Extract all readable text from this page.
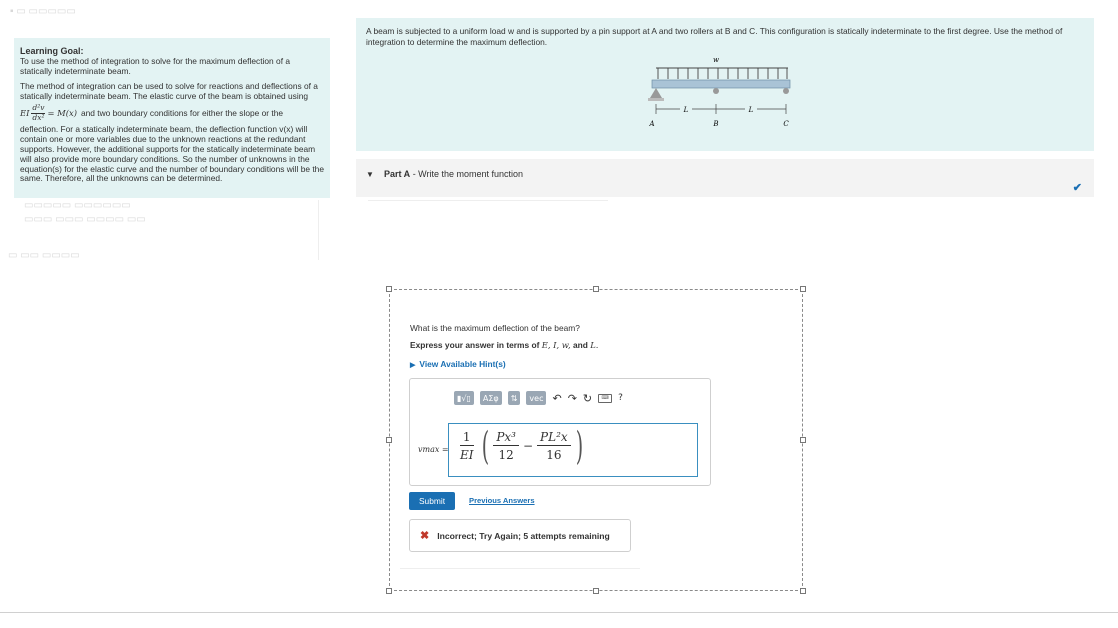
▪ ▭ ▭▭▭▭▭
▭▭▭▭▭ ▭▭▭▭▭▭
▭▭▭ ▭▭▭ ▭▭▭▭ ▭▭
▭ ▭▭ ▭▭▭▭
Learning Goal:
To use the method of integration to solve for the maximum deflection of a statically indeterminate beam.
The method of integration can be used to solve for reactions and deflections of a statically indeterminate beam. The elastic curve of the beam is obtained using
EI $\frac{\text{d²v}}{\text{dx²}} = M(x)$ and two boundary conditions for either the slope or the
deflection. For a statically indeterminate beam, the deflection function v(x) will contain one or more variables due to the unknown reactions at the redundant supports. However, the additional supports for the statically indeterminate beam will also provide more boundary conditions. So the number of unknowns in the equation(s) for the elastic curve and the number of boundary conditions will be the same. Therefore, all the unknowns can be determined.
A beam is subjected to a uniform load w and is supported by a pin support at A and two rollers at B and C. This configuration is statically indeterminate to the first degree. Use the method of integration to determine the maximum deflection.
w
L	L
A	B	C
▼ Part A - Write the moment function
✔
What is the maximum deflection of the beam?
Express your answer in terms of E, I, w, and L.
▶ View Available Hint(s)
▮√▯	ΑΣφ	⇅	vec ↶ ↷ ↻	⌨	?
$vmax = \frac{1}{EI}$ ( $\frac{\text{Px³}}{12} - \frac{\text{PL²x}}{16}$ )
Submit	Previous Answers
✖ Incorrect; Try Again; 5 attempts remaining
